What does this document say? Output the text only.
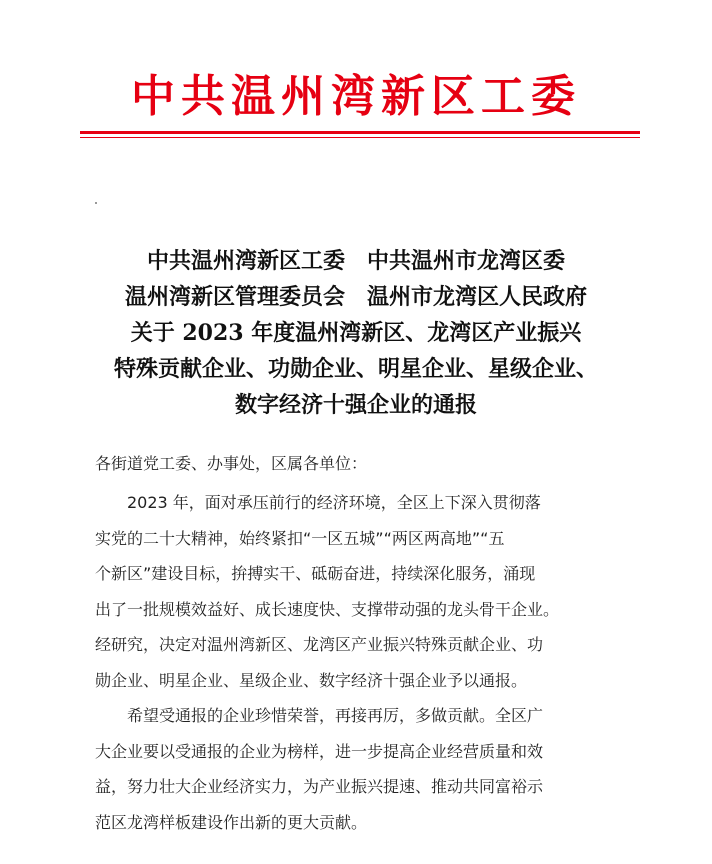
中共温州湾新区工委
中共温州湾新区工委　中共温州市龙湾区委
温州湾新区管理委员会　温州市龙湾区人民政府
关于 2023 年度温州湾新区、龙湾区产业振兴
特殊贡献企业、功勋企业、明星企业、星级企业、
数字经济十强企业的通报
各街道党工委、办事处，区属各单位：
　　2023 年，面对承压前行的经济环境，全区上下深入贯彻落
实党的二十大精神，始终紧扣“一区五城”“两区两高地”“五
个新区”建设目标，拚搏实干、砥砺奋进，持续深化服务，涌现
出了一批规模效益好、成长速度快、支撑带动强的龙头骨干企业。
经研究，决定对温州湾新区、龙湾区产业振兴特殊贡献企业、功
勋企业、明星企业、星级企业、数字经济十强企业予以通报。
　　希望受通报的企业珍惜荣誉，再接再厉，多做贡献。全区广
大企业要以受通报的企业为榜样，进一步提高企业经营质量和效
益，努力壮大企业经济实力，为产业振兴提速、推动共同富裕示
范区龙湾样板建设作出新的更大贡献。
